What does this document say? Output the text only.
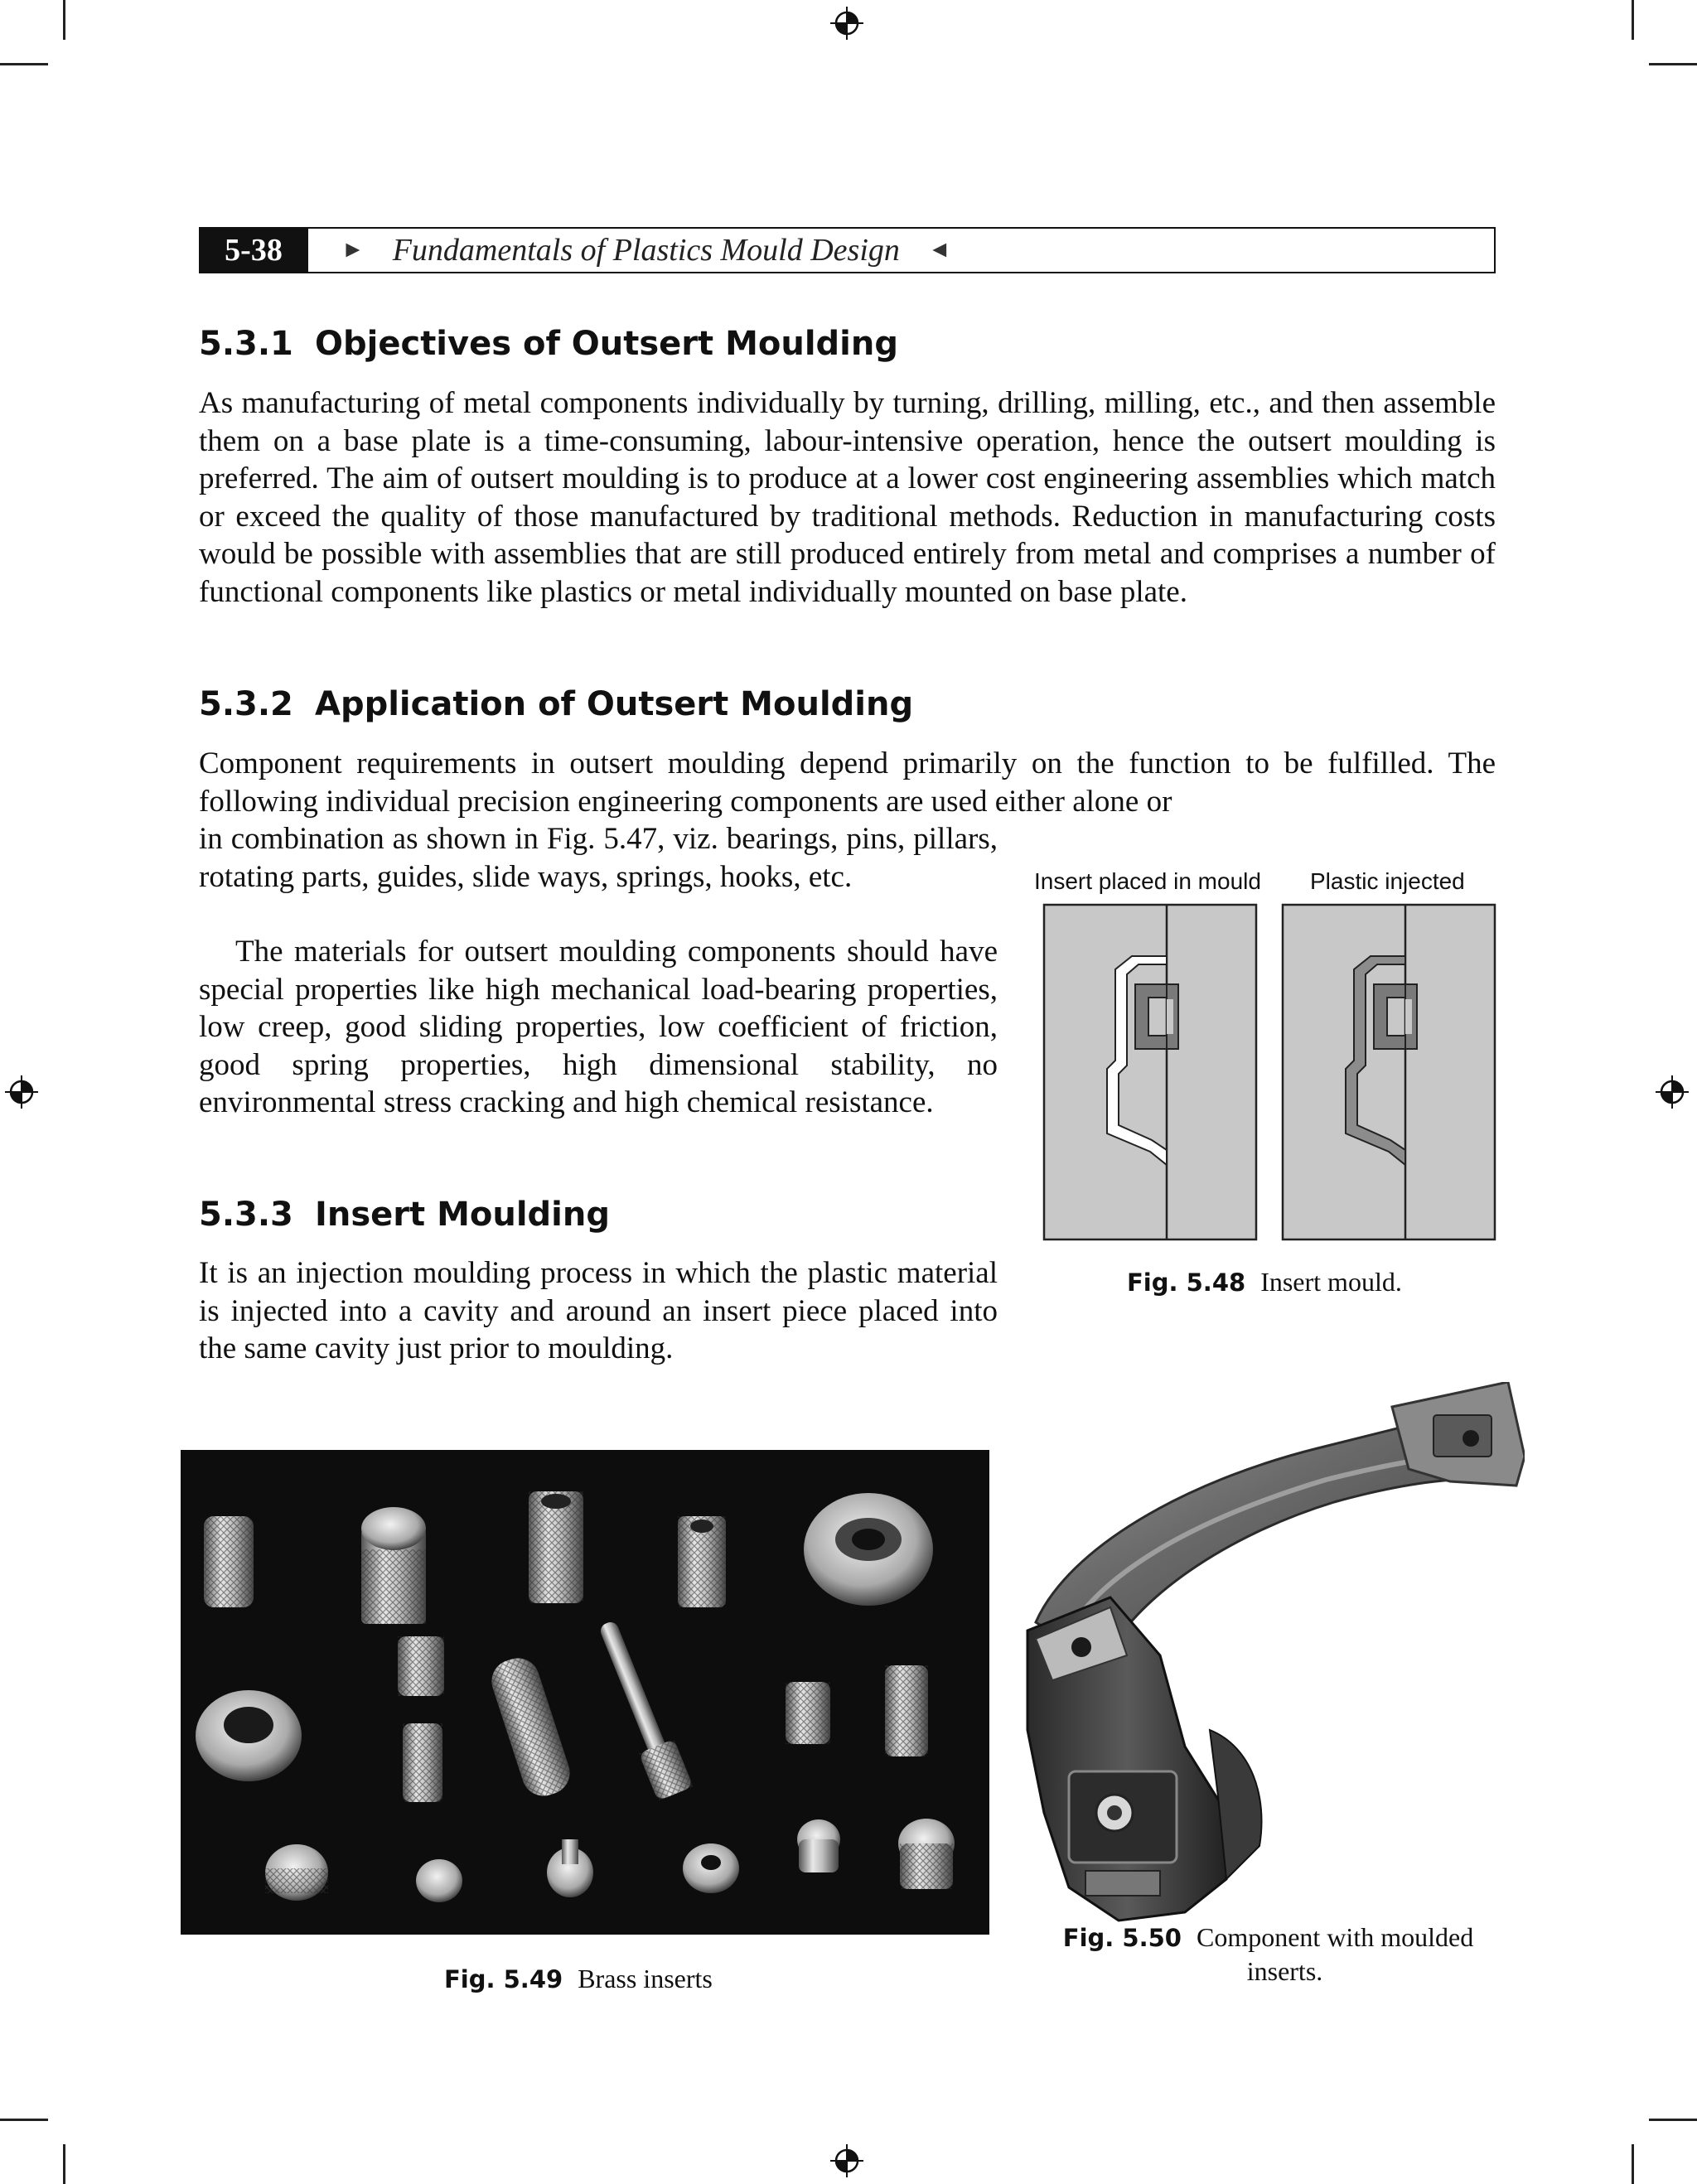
5-38	► Fundamentals of Plastics Mould Design ◄
5.3.1 Objectives of Outsert Moulding

As manufacturing of metal components individually by turning, drilling, milling, etc., and then assemble them on a base plate is a time-consuming, labour-intensive operation, hence the outsert moulding is preferred. The aim of outsert moulding is to produce at a lower cost engineering assemblies which match or exceed the quality of those manufactured by traditional methods. Reduction in manufacturing costs would be possible with assemblies that are still produced entirely from metal and comprises a number of functional components like plastics or metal individually mounted on base plate.

5.3.2 Application of Outsert Moulding

Component requirements in outsert moulding depend primarily on the function to be fulfilled. The following individual precision engineering components are used either alone or

in combination as shown in Fig. 5.47, viz. bearings, pins, pillars, rotating parts, guides, slide ways, springs, hooks, etc.

The materials for outsert moulding components should have special properties like high mechanical load-bearing properties, low creep, good sliding properties, low coefficient of friction, good spring properties, high dimensional stability, no environmental stress cracking and high chemical resistance.

5.3.3 Insert Moulding

It is an injection moulding process in which the plastic material is injected into a cavity and around an insert piece placed into the same cavity just prior to moulding.

Insert placed in mould Plastic injected
Fig. 5.48 Insert mould.
Fig. 5.49 Brass inserts
Fig. 5.50 Component with moulded
inserts.
